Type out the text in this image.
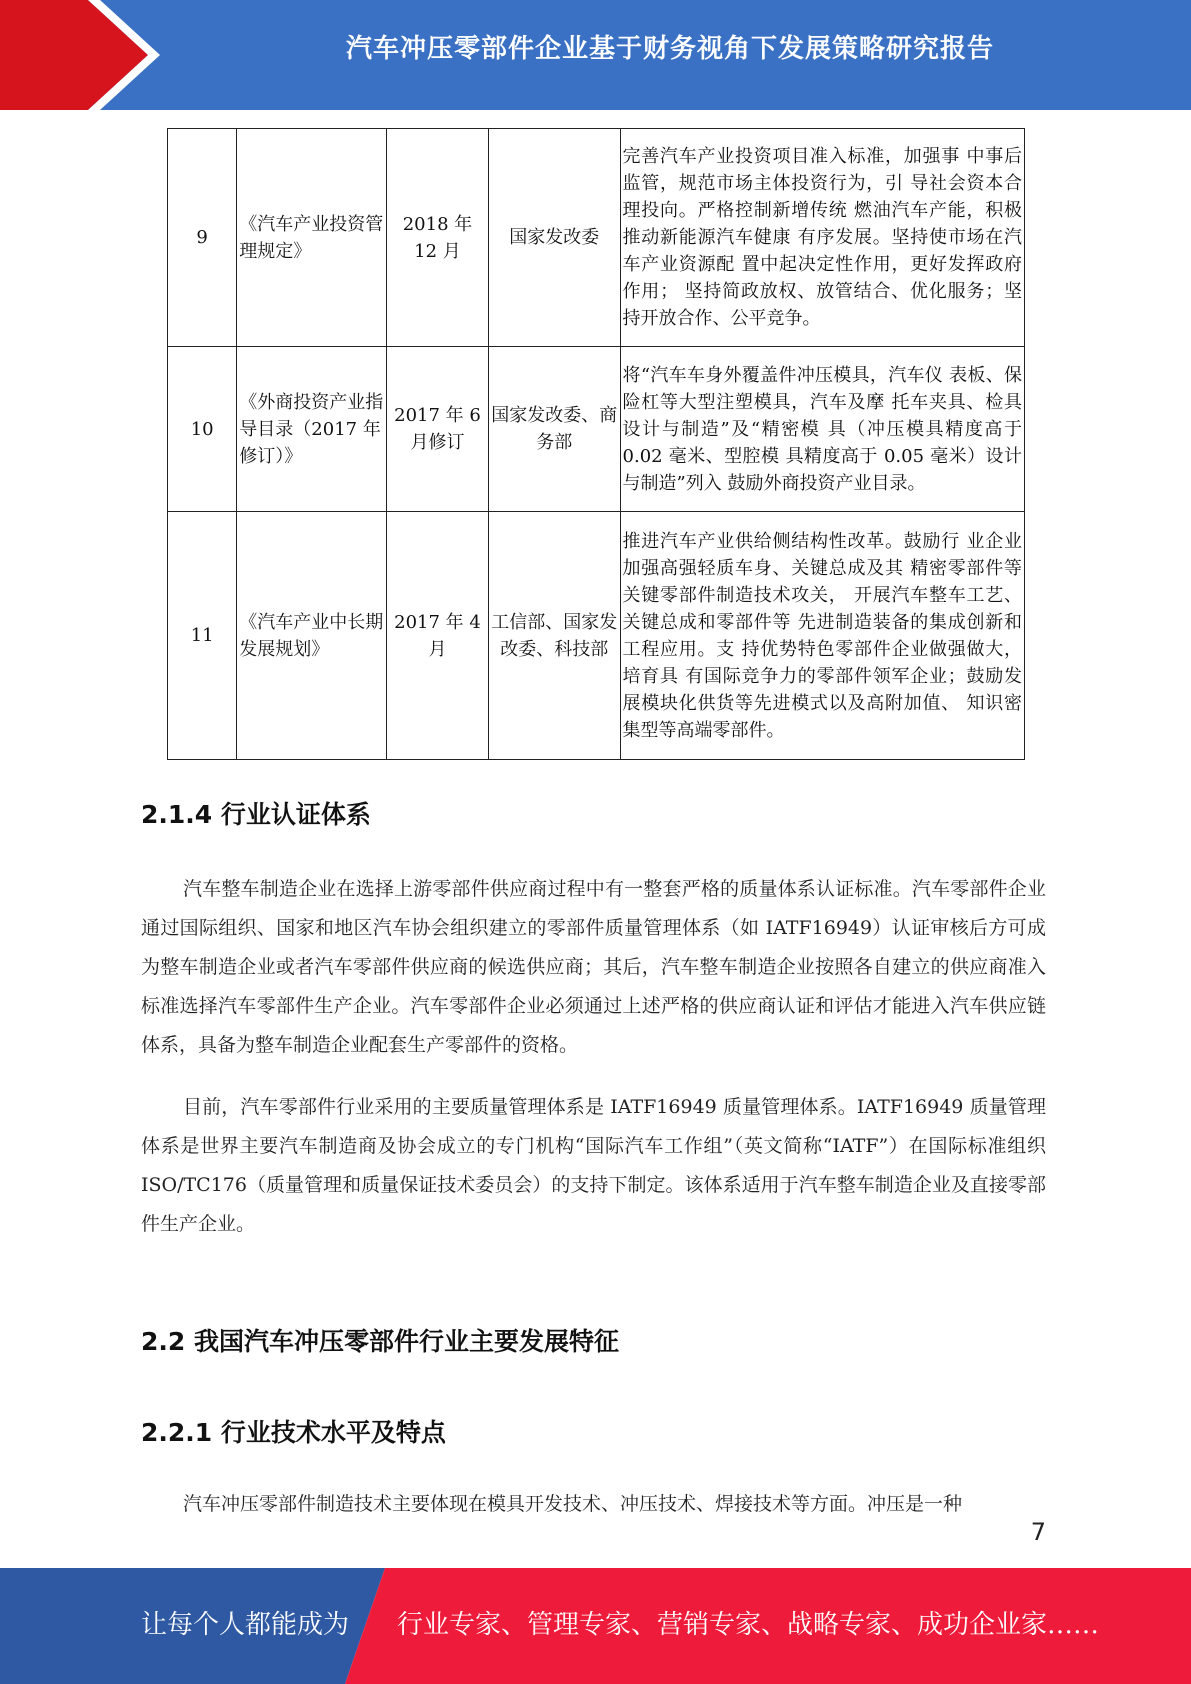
汽车冲压零部件企业基于财务视角下发展策略研究报告
9	《汽车产业投资管理规定》	2018 年 12 月	国家发改委	完善汽车产业投资项目准入标准，加强事 中事后监管，规范市场主体投资行为，引 导社会资本合理投向。严格控制新增传统 燃油汽车产能，积极推动新能源汽车健康 有序发展。坚持使市场在汽车产业资源配 置中起决定性作用，更好发挥政府作用； 坚持简政放权、放管结合、优化服务；坚 持开放合作、公平竞争。
10	《外商投资产业指导目录（2017 年修订）》	2017 年 6 月修订	国家发改委、商务部	将“汽车车身外覆盖件冲压模具，汽车仪 表板、保险杠等大型注塑模具，汽车及摩 托车夹具、检具设计与制造”及“精密模 具（冲压模具精度高于 0.02 毫米、型腔模 具精度高于 0.05 毫米）设计与制造”列入 鼓励外商投资产业目录。
11	《汽车产业中长期发展规划》	2017 年 4 月	工信部、国家发改委、科技部	推进汽车产业供给侧结构性改革。鼓励行 业企业加强高强轻质车身、关键总成及其 精密零部件等关键零部件制造技术攻关， 开展汽车整车工艺、关键总成和零部件等 先进制造装备的集成创新和工程应用。支 持优势特色零部件企业做强做大，培育具 有国际竞争力的零部件领军企业；鼓励发 展模块化供货等先进模式以及高附加值、 知识密集型等高端零部件。
2.1.4 行业认证体系
汽车整车制造企业在选择上游零部件供应商过程中有一整套严格的质量体系认证标准。汽车零部件企业通过国际组织、国家和地区汽车协会组织建立的零部件质量管理体系（如 IATF16949）认证审核后方可成为整车制造企业或者汽车零部件供应商的候选供应商；其后，汽车整车制造企业按照各自建立的供应商准入标准选择汽车零部件生产企业。汽车零部件企业必须通过上述严格的供应商认证和评估才能进入汽车供应链体系，具备为整车制造企业配套生产零部件的资格。
目前，汽车零部件行业采用的主要质量管理体系是 IATF16949 质量管理体系。IATF16949 质量管理体系是世界主要汽车制造商及协会成立的专门机构“国际汽车工作组”（英文简称“IATF”）在国际标准组织 ISO/TC176（质量管理和质量保证技术委员会）的支持下制定。该体系适用于汽车整车制造企业及直接零部件生产企业。
2.2 我国汽车冲压零部件行业主要发展特征
2.2.1 行业技术水平及特点
汽车冲压零部件制造技术主要体现在模具开发技术、冲压技术、焊接技术等方面。冲压是一种
7
让每个人都能成为 行业专家、管理专家、营销专家、战略专家、成功企业家……
